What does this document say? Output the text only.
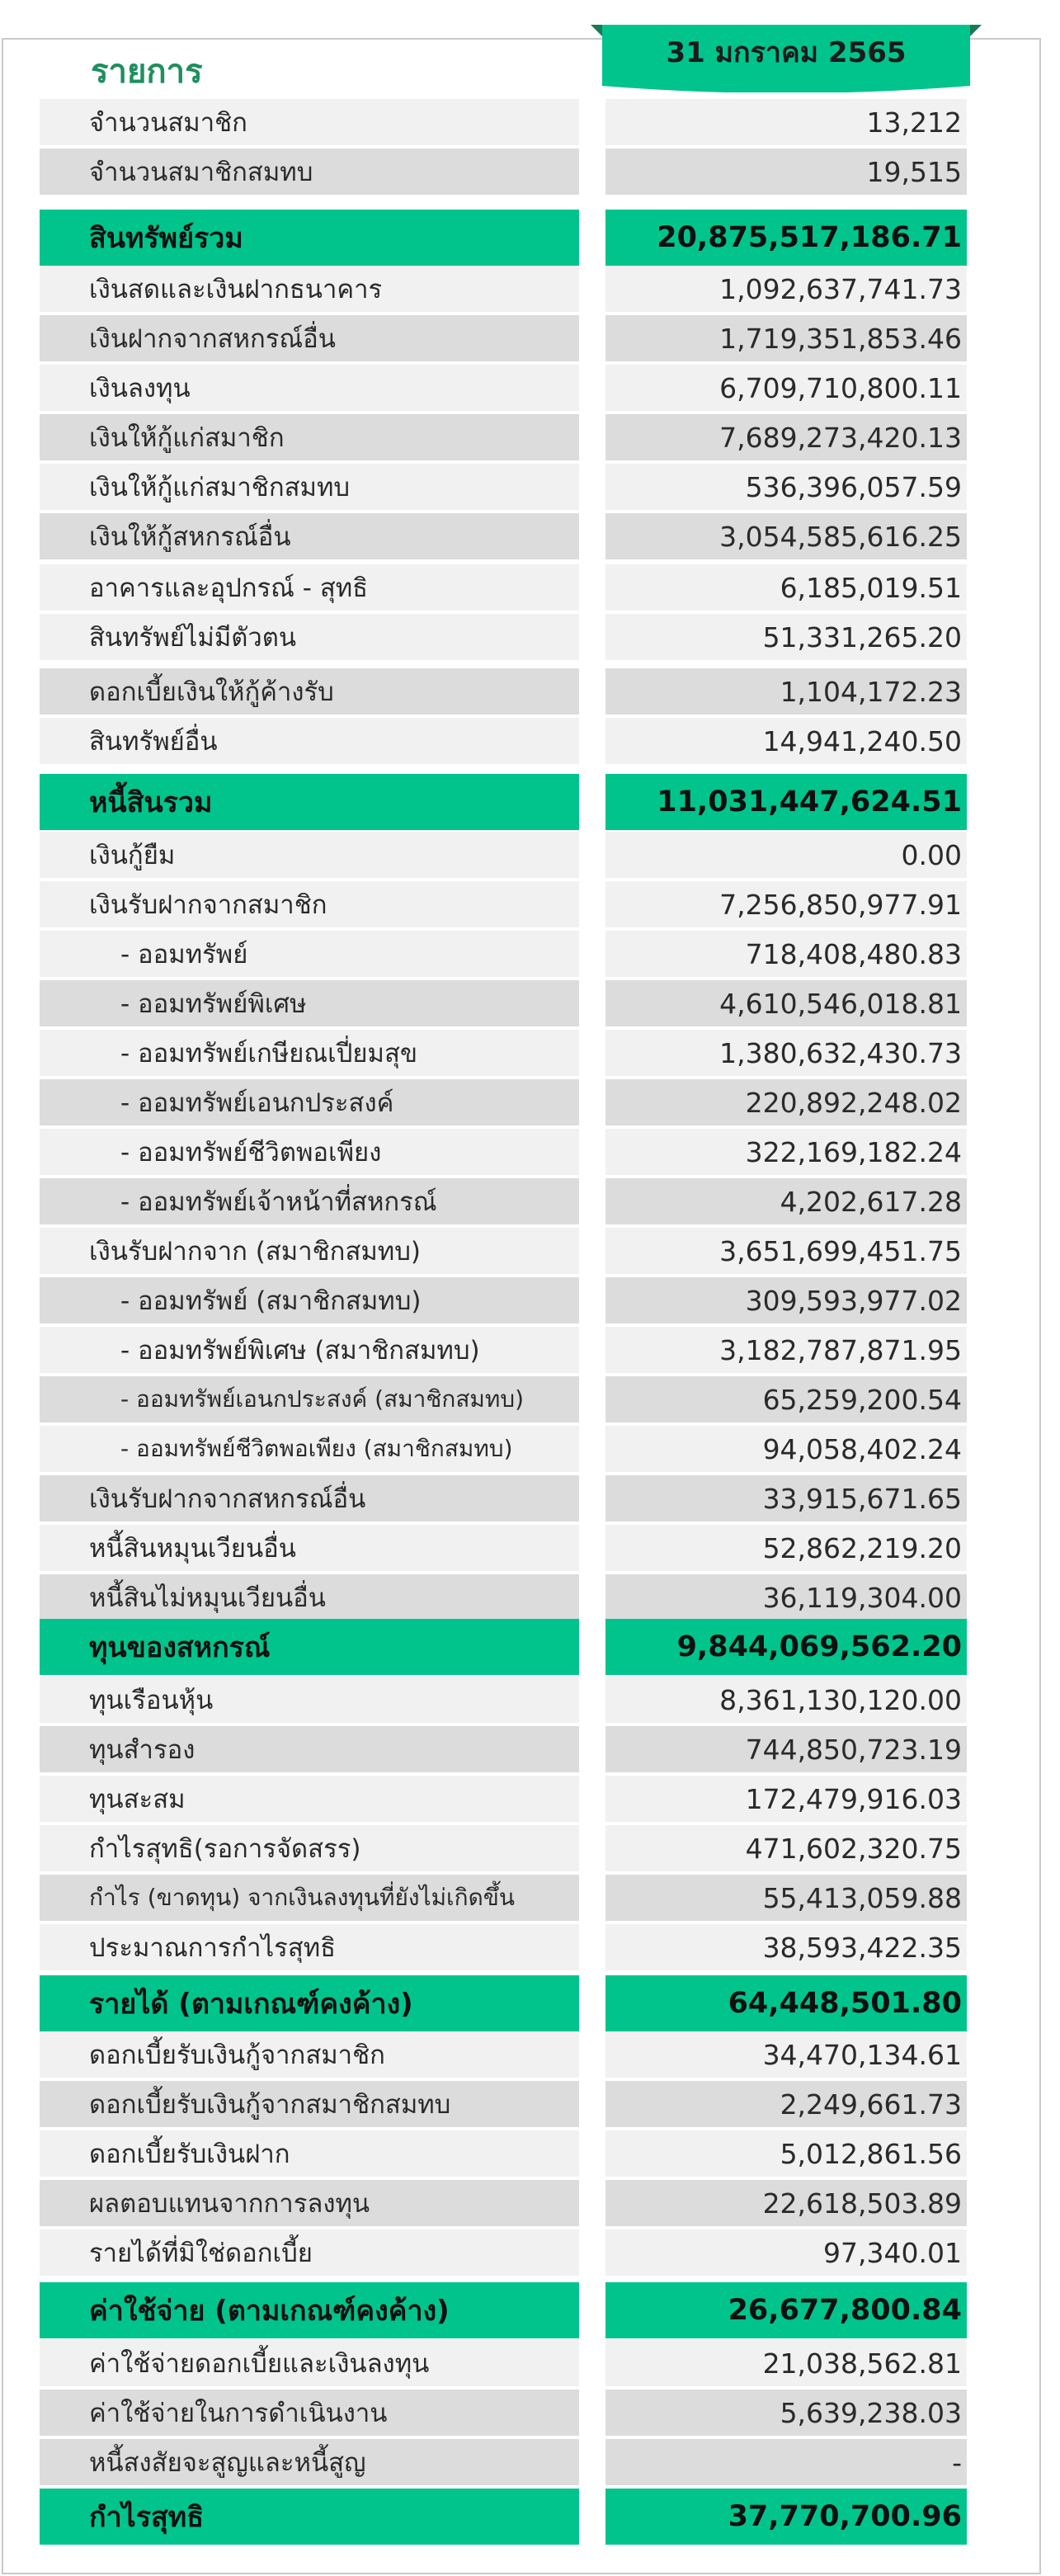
31 มกราคม 2565
รายการ
จำนวนสมาชิก	13,212
จำนวนสมาชิกสมทบ	19,515
สินทรัพย์รวม	20,875,517,186.71
เงินสดและเงินฝากธนาคาร	1,092,637,741.73
เงินฝากจากสหกรณ์อื่น	1,719,351,853.46
เงินลงทุน	6,709,710,800.11
เงินให้กู้แก่สมาชิก	7,689,273,420.13
เงินให้กู้แก่สมาชิกสมทบ	536,396,057.59
เงินให้กู้สหกรณ์อื่น	3,054,585,616.25
อาคารและอุปกรณ์ - สุทธิ	6,185,019.51
สินทรัพย์ไม่มีตัวตน	51,331,265.20
ดอกเบี้ยเงินให้กู้ค้างรับ	1,104,172.23
สินทรัพย์อื่น	14,941,240.50
หนี้สินรวม	11,031,447,624.51
เงินกู้ยืม	0.00
เงินรับฝากจากสมาชิก	7,256,850,977.91
- ออมทรัพย์	718,408,480.83
- ออมทรัพย์พิเศษ	4,610,546,018.81
- ออมทรัพย์เกษียณเปี่ยมสุข	1,380,632,430.73
- ออมทรัพย์เอนกประสงค์	220,892,248.02
- ออมทรัพย์ชีวิตพอเพียง	322,169,182.24
- ออมทรัพย์เจ้าหน้าที่สหกรณ์	4,202,617.28
เงินรับฝากจาก (สมาชิกสมทบ)	3,651,699,451.75
- ออมทรัพย์ (สมาชิกสมทบ)	309,593,977.02
- ออมทรัพย์พิเศษ (สมาชิกสมทบ)	3,182,787,871.95
- ออมทรัพย์เอนกประสงค์ (สมาชิกสมทบ)	65,259,200.54
- ออมทรัพย์ชีวิตพอเพียง (สมาชิกสมทบ)	94,058,402.24
เงินรับฝากจากสหกรณ์อื่น	33,915,671.65
หนี้สินหมุนเวียนอื่น	52,862,219.20
หนี้สินไม่หมุนเวียนอื่น	36,119,304.00
ทุนของสหกรณ์	9,844,069,562.20
ทุนเรือนหุ้น	8,361,130,120.00
ทุนสำรอง	744,850,723.19
ทุนสะสม	172,479,916.03
กำไรสุทธิ(รอการจัดสรร)	471,602,320.75
กำไร (ขาดทุน) จากเงินลงทุนที่ยังไม่เกิดขึ้น	55,413,059.88
ประมาณการกำไรสุทธิ	38,593,422.35
รายได้ (ตามเกณฑ์คงค้าง)	64,448,501.80
ดอกเบี้ยรับเงินกู้จากสมาชิก	34,470,134.61
ดอกเบี้ยรับเงินกู้จากสมาชิกสมทบ	2,249,661.73
ดอกเบี้ยรับเงินฝาก	5,012,861.56
ผลตอบแทนจากการลงทุน	22,618,503.89
รายได้ที่มิใช่ดอกเบี้ย	97,340.01
ค่าใช้จ่าย (ตามเกณฑ์คงค้าง)	26,677,800.84
ค่าใช้จ่ายดอกเบี้ยและเงินลงทุน	21,038,562.81
ค่าใช้จ่ายในการดำเนินงาน	5,639,238.03
หนี้สงสัยจะสูญและหนี้สูญ	-
กำไรสุทธิ	37,770,700.96
